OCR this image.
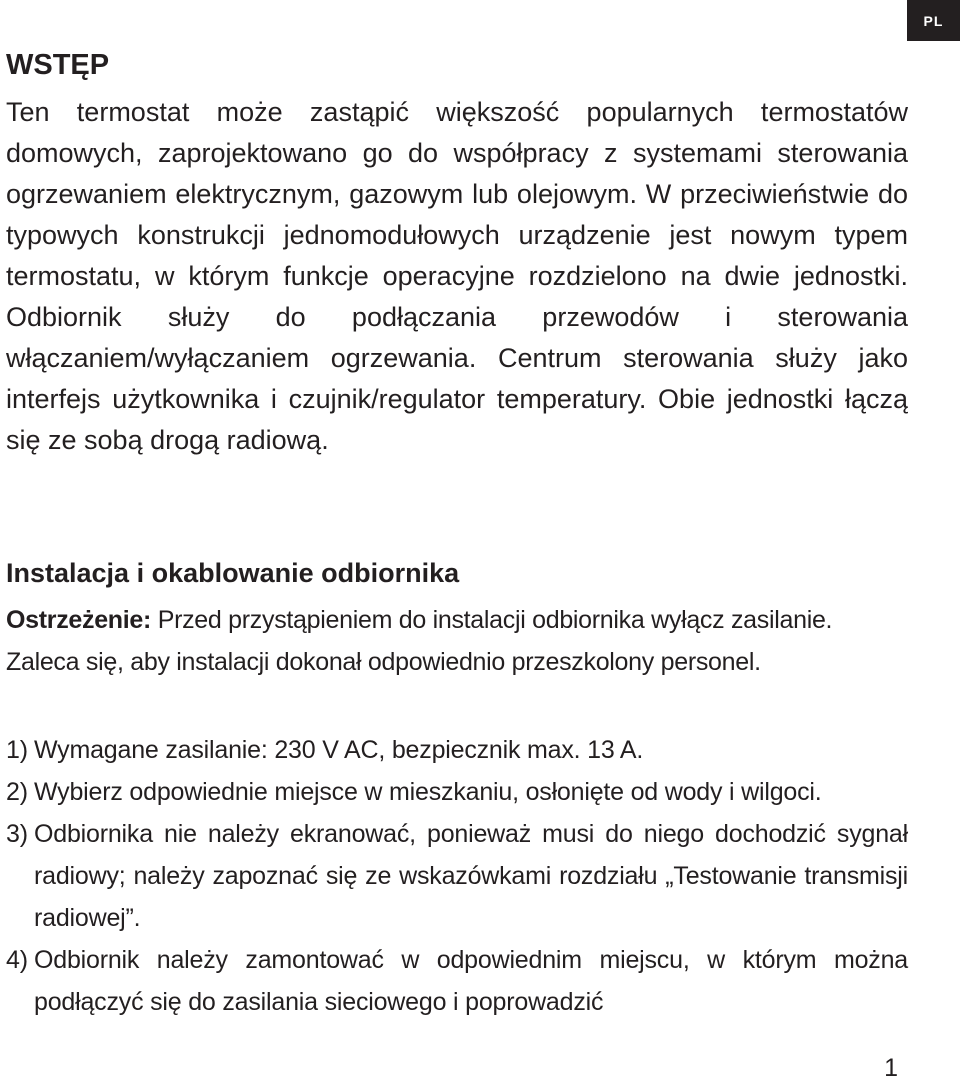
PL
WSTĘP

Ten termostat może zastąpić większość popularnych termostatów domowych, zaprojektowano go do współpracy z systemami sterowania ogrzewaniem elektrycznym, gazowym lub olejowym. W przeciwieństwie do typowych konstrukcji jednomodułowych urządzenie jest nowym typem termostatu, w którym funkcje operacyjne rozdzielono na dwie jednostki. Odbiornik służy do podłączania przewodów i sterowania włączaniem/wyłączaniem ogrzewania. Centrum sterowania służy jako interfejs użytkownika i czujnik/regulator temperatury. Obie jednostki łączą się ze sobą drogą radiową.

Instalacja i okablowanie odbiornika

Ostrzeżenie: Przed przystąpieniem do instalacji odbiornika wyłącz zasilanie. Zaleca się, aby instalacji dokonał odpowiednio przeszkolony personel.

1) Wymagane zasilanie: 230 V AC, bezpiecznik max. 13 A.
2) Wybierz odpowiednie miejsce w mieszkaniu, osłonięte od wody i wilgoci.
3) Odbiornika nie należy ekranować, ponieważ musi do niego dochodzić sygnał radiowy; należy zapoznać się ze wskazówkami rozdziału „Testowanie transmisji radiowej”.
4) Odbiornik należy zamontować w odpowiednim miejscu, w którym można podłączyć się do zasilania sieciowego i poprowadzić
1
